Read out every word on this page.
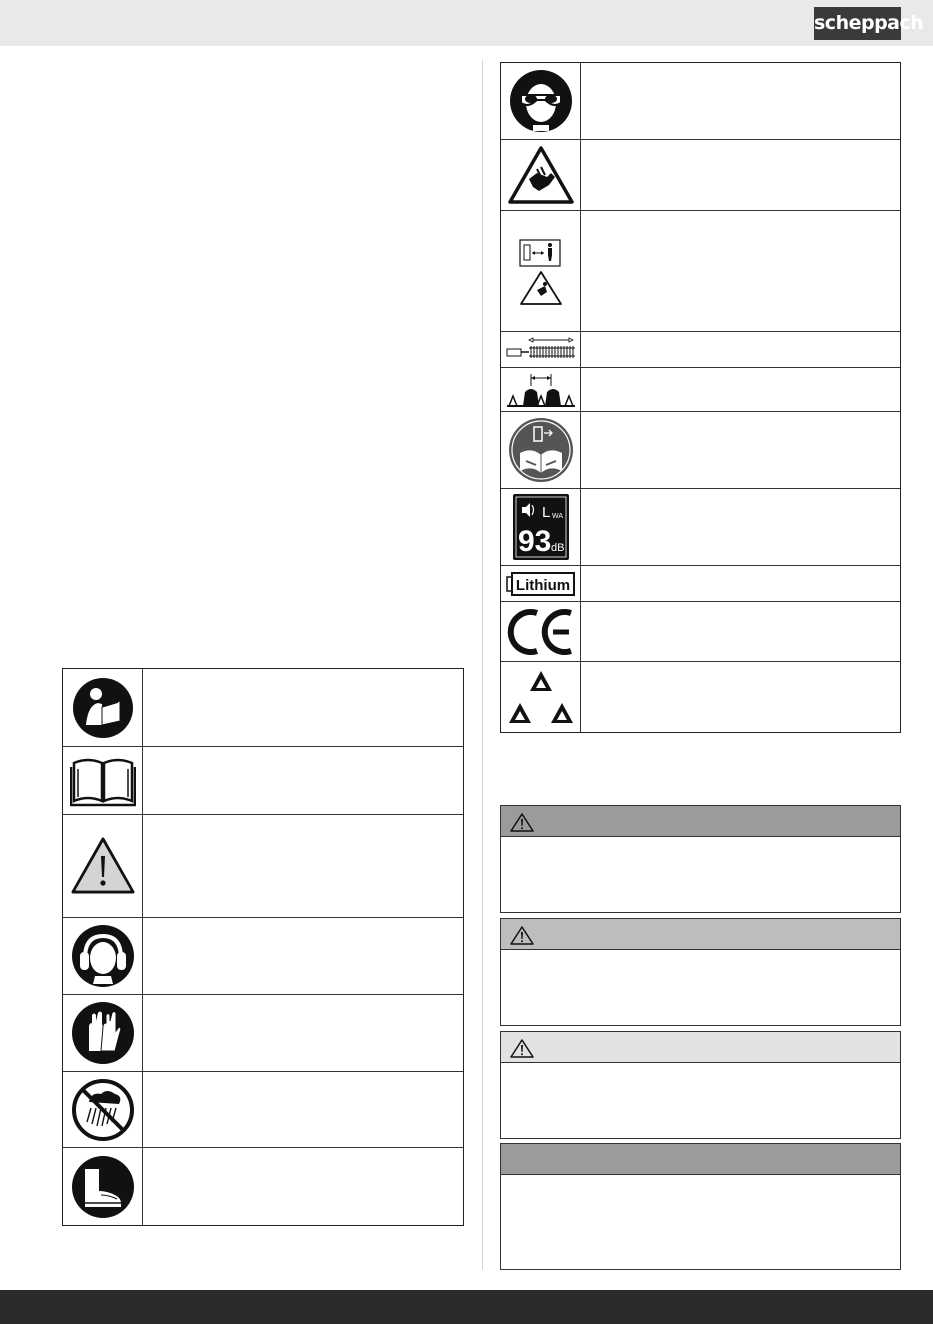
scheppach
L WA
93 dB
Lithium
